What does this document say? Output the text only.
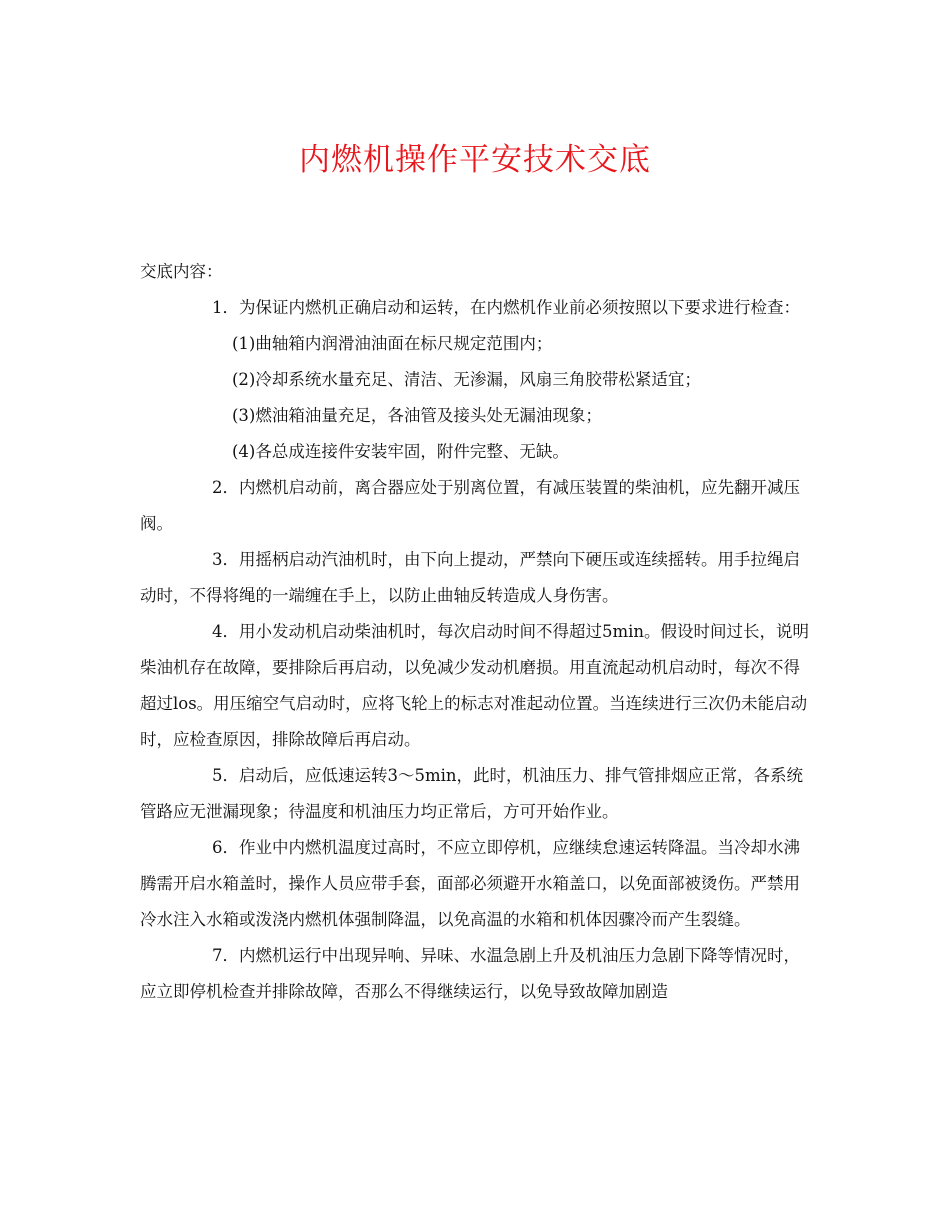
内燃机操作平安技术交底

交底内容：

1．为保证内燃机正确启动和运转，在内燃机作业前必须按照以下要求进行检查：

(1)曲轴箱内润滑油油面在标尺规定范围内；

(2)冷却系统水量充足、清洁、无渗漏，风扇三角胶带松紧适宜；

(3)燃油箱油量充足，各油管及接头处无漏油现象；

(4)各总成连接件安装牢固，附件完整、无缺。

2．内燃机启动前，离合器应处于别离位置，有减压装置的柴油机，应先翻开减压阀。

3．用摇柄启动汽油机时，由下向上提动，严禁向下硬压或连续摇转。用手拉绳启动时，不得将绳的一端缠在手上，以防止曲轴反转造成人身伤害。

4．用小发动机启动柴油机时，每次启动时间不得超过5min。假设时间过长，说明柴油机存在故障，要排除后再启动，以免减少发动机磨损。用直流起动机启动时，每次不得超过los。用压缩空气启动时，应将飞轮上的标志对准起动位置。当连续进行三次仍未能启动时，应检查原因，排除故障后再启动。

5．启动后，应低速运转3～5min，此时，机油压力、排气管排烟应正常，各系统管路应无泄漏现象；待温度和机油压力均正常后，方可开始作业。

6．作业中内燃机温度过高时，不应立即停机，应继续怠速运转降温。当冷却水沸腾需开启水箱盖时，操作人员应带手套，面部必须避开水箱盖口，以免面部被烫伤。严禁用冷水注入水箱或泼浇内燃机体强制降温，以免高温的水箱和机体因骤冷而产生裂缝。

7．内燃机运行中出现异响、异味、水温急剧上升及机油压力急剧下降等情况时，应立即停机检查并排除故障，否那么不得继续运行，以免导致故障加剧造
